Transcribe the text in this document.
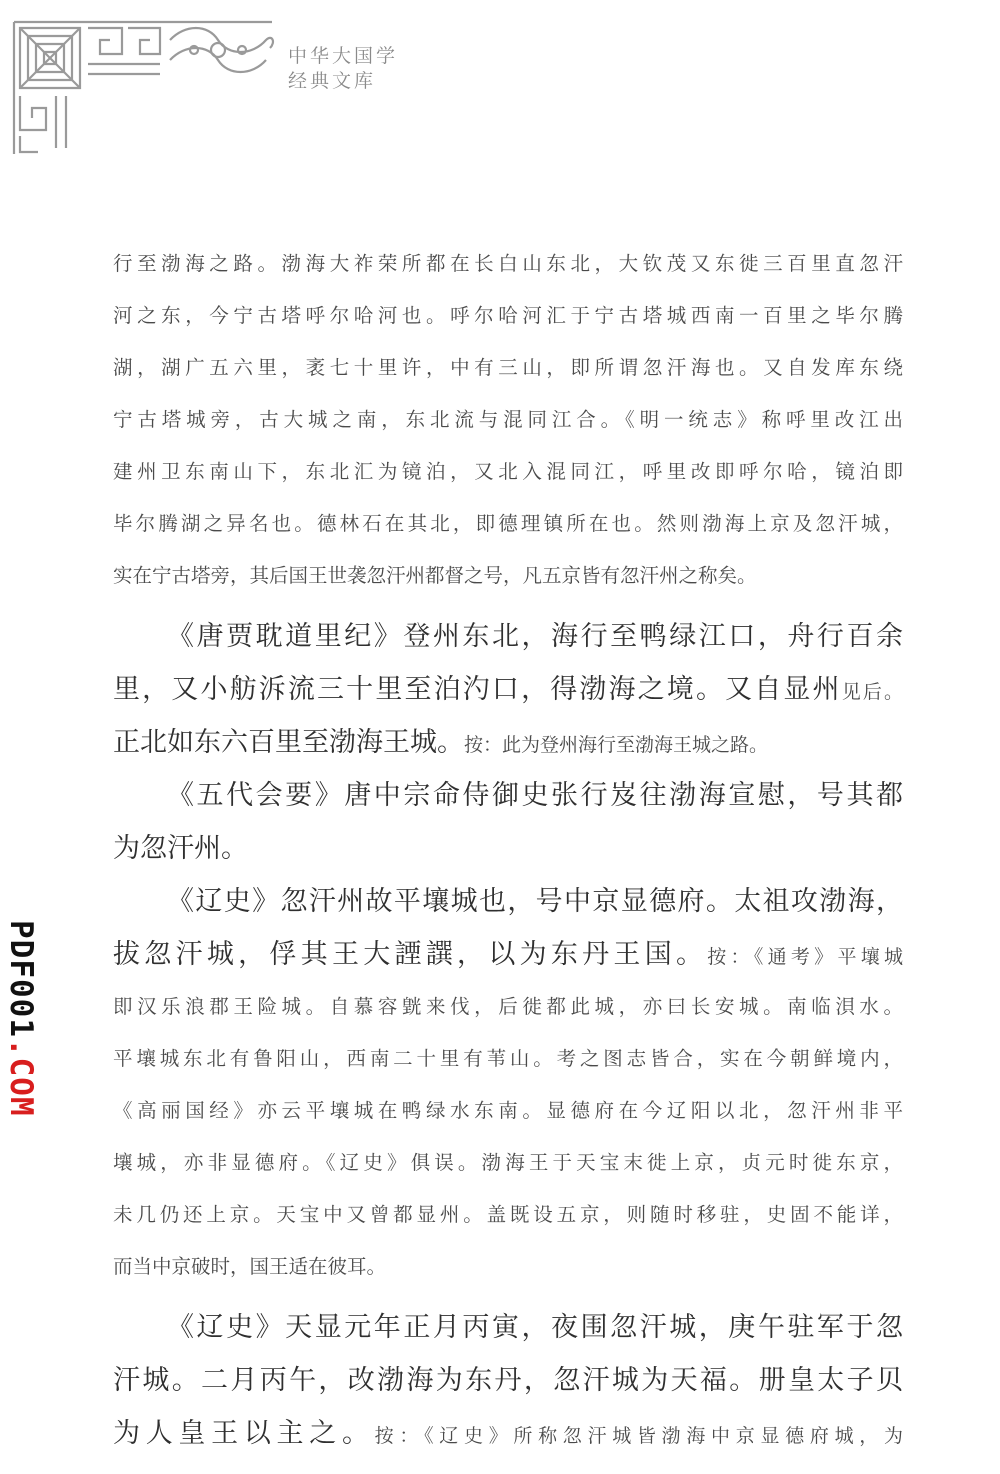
中华大国学
经典文库
PDF001.COM
行至渤海之路。渤海大祚荣所都在长白山东北，大钦茂又东徙三百里直忽汗
河之东，今宁古塔呼尔哈河也。呼尔哈河汇于宁古塔城西南一百里之毕尔腾
湖，湖广五六里，袤七十里许，中有三山，即所谓忽汗海也。又自发库东绕
宁古塔城旁，古大城之南，东北流与混同江合。《明一统志》称呼里改江出
建州卫东南山下，东北汇为镜泊，又北入混同江，呼里改即呼尔哈，镜泊即
毕尔腾湖之异名也。德林石在其北，即德理镇所在也。然则渤海上京及忽汗城，
实在宁古塔旁，其后国王世袭忽汗州都督之号，凡五京皆有忽汗州之称矣。
《唐贾耽道里纪》登州东北，海行至鸭绿江口，舟行百余
里，又小舫泝流三十里至泊汋口，得渤海之境。又自显州见后。
正北如东六百里至渤海王城。按：此为登州海行至渤海王城之路。
《五代会要》唐中宗命侍御史张行岌往渤海宣慰，号其都
为忽汗州。
《辽史》忽汗州故平壤城也，号中京显德府。太祖攻渤海，
拔忽汗城，俘其王大諲譔，以为东丹王国。按：《通考》平壤城
即汉乐浪郡王险城。自慕容皝来伐，后徙都此城，亦曰长安城。南临浿水。
平壤城东北有鲁阳山，西南二十里有苇山。考之图志皆合，实在今朝鲜境内，
《高丽国经》亦云平壤城在鸭绿水东南。显德府在今辽阳以北，忽汗州非平
壤城，亦非显德府。《辽史》俱误。渤海王于天宝末徙上京，贞元时徙东京，
未几仍还上京。天宝中又曾都显州。盖既设五京，则随时移驻，史固不能详，
而当中京破时，国王适在彼耳。
《辽史》天显元年正月丙寅，夜围忽汗城，庚午驻军于忽
汗城。二月丙午，改渤海为东丹，忽汗城为天福。册皇太子贝
为人皇王以主之。按：《辽史》所称忽汗城皆渤海中京显德府城，为
